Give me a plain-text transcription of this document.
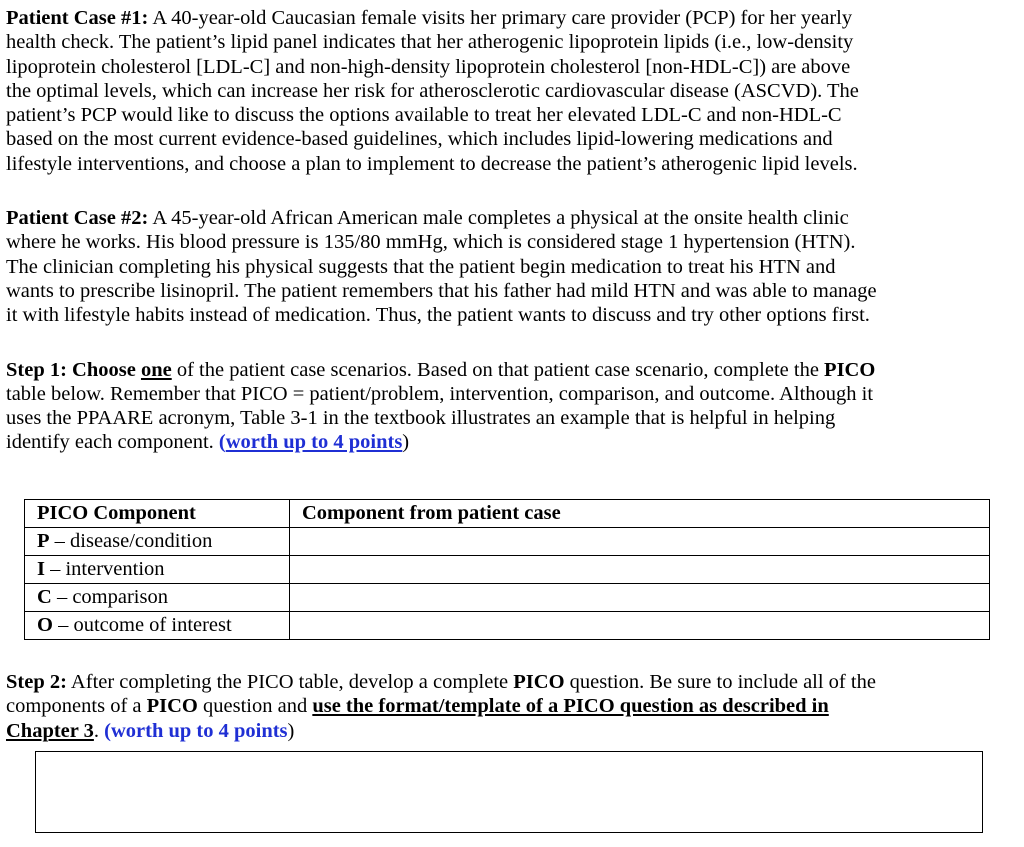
Patient Case #1: A 40-year-old Caucasian female visits her primary care provider (PCP) for her yearly

health check. The patient’s lipid panel indicates that her atherogenic lipoprotein lipids (i.e., low-density

lipoprotein cholesterol [LDL-C] and non-high-density lipoprotein cholesterol [non-HDL-C]) are above

the optimal levels, which can increase her risk for atherosclerotic cardiovascular disease (ASCVD). The

patient’s PCP would like to discuss the options available to treat her elevated LDL-C and non-HDL-C

based on the most current evidence-based guidelines, which includes lipid-lowering medications and

lifestyle interventions, and choose a plan to implement to decrease the patient’s atherogenic lipid levels.

Patient Case #2: A 45-year-old African American male completes a physical at the onsite health clinic

where he works. His blood pressure is 135/80 mmHg, which is considered stage 1 hypertension (HTN).

The clinician completing his physical suggests that the patient begin medication to treat his HTN and

wants to prescribe lisinopril. The patient remembers that his father had mild HTN and was able to manage

it with lifestyle habits instead of medication. Thus, the patient wants to discuss and try other options first.

Step 1: Choose one of the patient case scenarios. Based on that patient case scenario, complete the PICO

table below. Remember that PICO = patient/problem, intervention, comparison, and outcome. Although it

uses the PPAARE acronym, Table 3-1 in the textbook illustrates an example that is helpful in helping

identify each component. (worth up to 4 points)

PICO Component	Component from patient case
P – disease/condition	
I – intervention	
C – comparison	
O – outcome of interest	

Step 2: After completing the PICO table, develop a complete PICO question. Be sure to include all of the

components of a PICO question and use the format/template of a PICO question as described in

Chapter 3. (worth up to 4 points)
